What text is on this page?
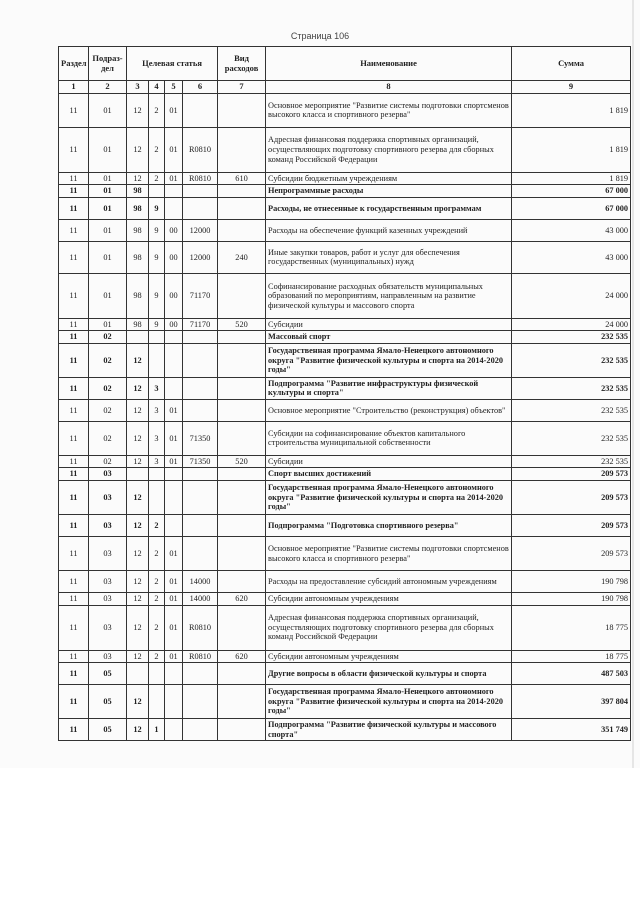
Страница 106
Раздел	Подраз-дел	Целевая статья				Вид расходов	Наименование	Сумма
1	2	3	4	5	6	7	8	9
11	01	12	2	01			Основное мероприятие "Развитие системы подготовки спортсменов высокого класса и спортивного резерва"	1 819
11	01	12	2	01	R0810		Адресная финансовая поддержка спортивных организаций, осуществляющих подготовку спортивного резерва для сборных команд Российской Федерации	1 819
11	01	12	2	01	R0810	610	Субсидии бюджетным учреждениям	1 819
11	01	98					Непрограммные расходы	67 000
11	01	98	9				Расходы, не отнесенные к государственным программам	67 000
11	01	98	9	00	12000		Расходы на обеспечение функций казенных учреждений	43 000
11	01	98	9	00	12000	240	Иные закупки товаров, работ и услуг для обеспечения государственных (муниципальных) нужд	43 000
11	01	98	9	00	71170		Софинансирование расходных обязательств муниципальных образований по мероприятиям, направленным на развитие физической культуры и массового спорта	24 000
11	01	98	9	00	71170	520	Субсидии	24 000
11	02						Массовый спорт	232 535
11	02	12					Государственная программа Ямало-Ненецкого автономного округа "Развитие физической культуры и спорта на 2014-2020 годы"	232 535
11	02	12	3				Подпрограмма "Развитие инфраструктуры физической культуры и спорта"	232 535
11	02	12	3	01			Основное мероприятие "Строительство (реконструкция) объектов"	232 535
11	02	12	3	01	71350		Субсидии на софинансирование объектов капитального строительства муниципальной собственности	232 535
11	02	12	3	01	71350	520	Субсидии	232 535
11	03						Спорт высших достижений	209 573
11	03	12					Государственная программа Ямало-Ненецкого автономного округа "Развитие физической культуры и спорта на 2014-2020 годы"	209 573
11	03	12	2				Подпрограмма "Подготовка спортивного резерва"	209 573
11	03	12	2	01			Основное мероприятие "Развитие системы подготовки спортсменов высокого класса и спортивного резерва"	209 573
11	03	12	2	01	14000		Расходы на предоставление субсидий автономным учреждениям	190 798
11	03	12	2	01	14000	620	Субсидии автономным учреждениям	190 798
11	03	12	2	01	R0810		Адресная финансовая поддержка спортивных организаций, осуществляющих подготовку спортивного резерва для сборных команд Российской Федерации	18 775
11	03	12	2	01	R0810	620	Субсидии автономным учреждениям	18 775
11	05						Другие вопросы в области физической культуры и спорта	487 503
11	05	12					Государственная программа Ямало-Ненецкого автономного округа "Развитие физической культуры и спорта на 2014-2020 годы"	397 804
11	05	12	1				Подпрограмма "Развитие физической культуры и массового спорта"	351 749
